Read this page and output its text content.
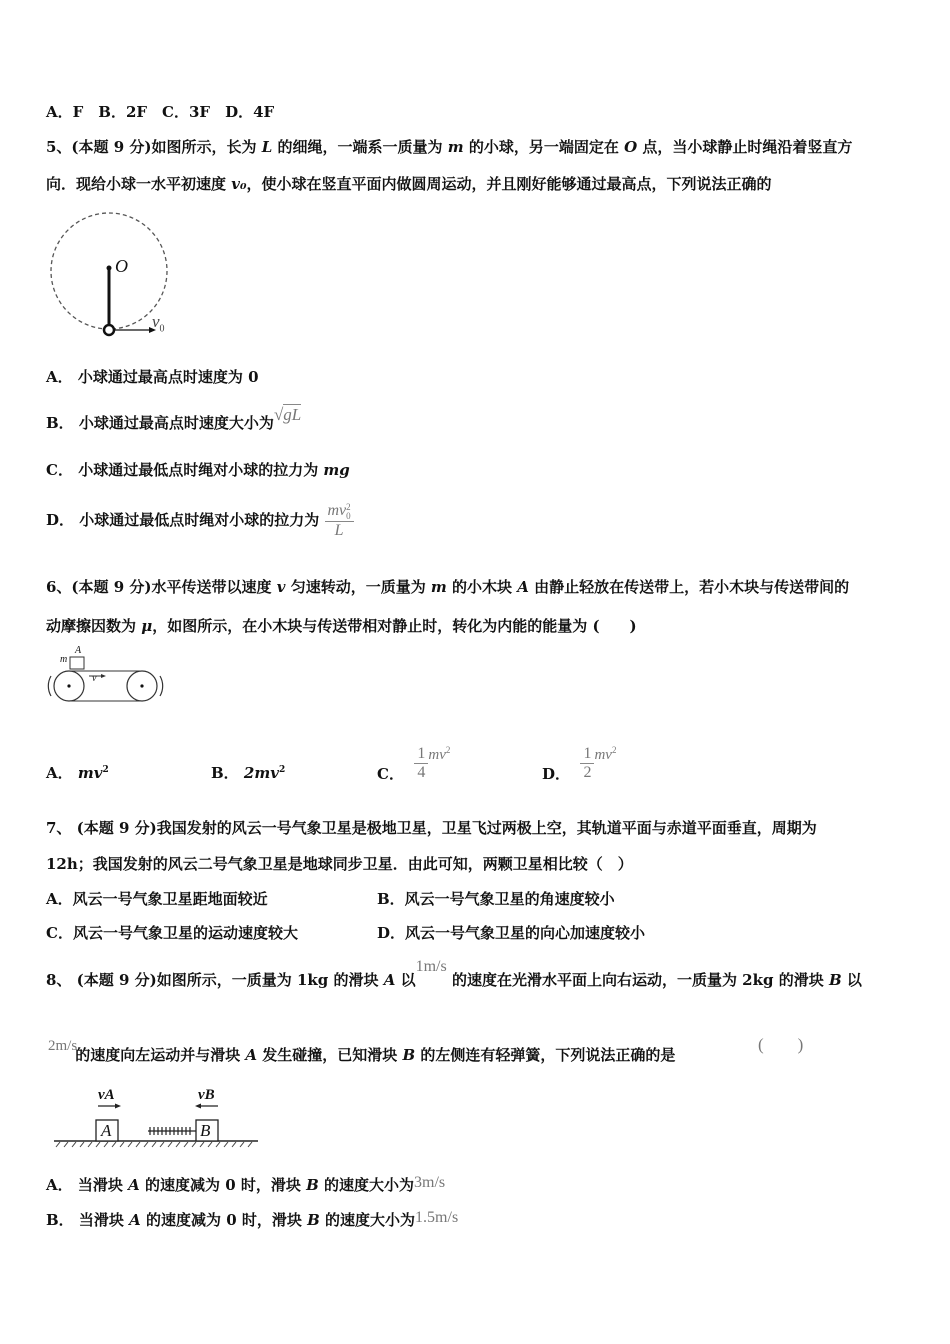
A．F　B．2F　C．3F　D．4F
5、(本题 9 分)如图所示，长为 L 的细绳，一端系一质量为 m 的小球，另一端固定在 O 点，当小球静止时绳沿着竖直方
向．现给小球一水平初速度 v₀，使小球在竖直平面内做圆周运动，并且刚好能够通过最高点，下列说法正确的
O
$v_0$
A． 小球通过最高点时速度为 0
B． 小球通过最高点时速度大小为√gL
C． 小球通过最低点时绳对小球的拉力为 mg
D． 小球通过最低点时绳对小球的拉力为 mv 2
0
L
6、(本题 9 分)水平传送带以速度 v 匀速转动，一质量为 m 的小木块 A 由静止轻放在传送带上，若小木块与传送带间的
动摩擦因数为 μ，如图所示，在小木块与传送带相对静止时，转化为内能的能量为 (　　)
A
m
v
A． $mv^2$	B． $2mv^2$	C． $\frac{1}{4} mv^2$
D． $\frac{1}{2} mv^2$
7、 (本题 9 分)我国发射的风云一号气象卫星是极地卫星，卫星飞过两极上空，其轨道平面与赤道平面垂直，周期为
12h；我国发射的风云二号气象卫星是地球同步卫星．由此可知，两颗卫星相比较（　）
A．风云一号气象卫星距地面较近	B．风云一号气象卫星的角速度较小
C．风云一号气象卫星的运动速度较大	D．风云一号气象卫星的向心加速度较小
8、 (本题 9 分)如图所示，一质量为 1kg 的滑块 A 以1m/s 的速度在光滑水平面上向右运动，一质量为 2kg 的滑块 B 以
2m/s的速度向左运动并与滑块 A 发生碰撞，已知滑块 B 的左侧连有轻弹簧，下列说法正确的是
(　　)
vA	vB
A	B
A． 当滑块 A 的速度减为 0 时，滑块 B 的速度大小为3m/s
B． 当滑块 A 的速度减为 0 时，滑块 B 的速度大小为1.5m/s
